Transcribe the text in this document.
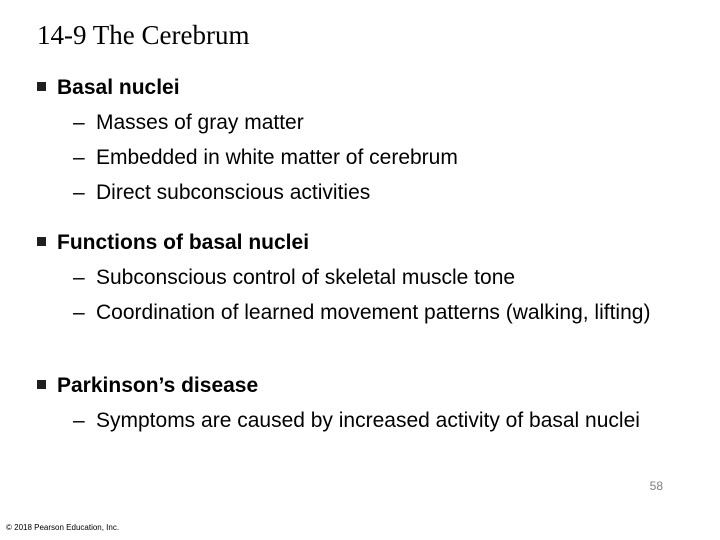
14-9 The Cerebrum
Basal nuclei
– Masses of gray matter
– Embedded in white matter of cerebrum
– Direct subconscious activities
Functions of basal nuclei
– Subconscious control of skeletal muscle tone
– Coordination of learned movement patterns (walking, lifting)
Parkinson’s disease
– Symptoms are caused by increased activity of basal nuclei
58
© 2018 Pearson Education, Inc.
